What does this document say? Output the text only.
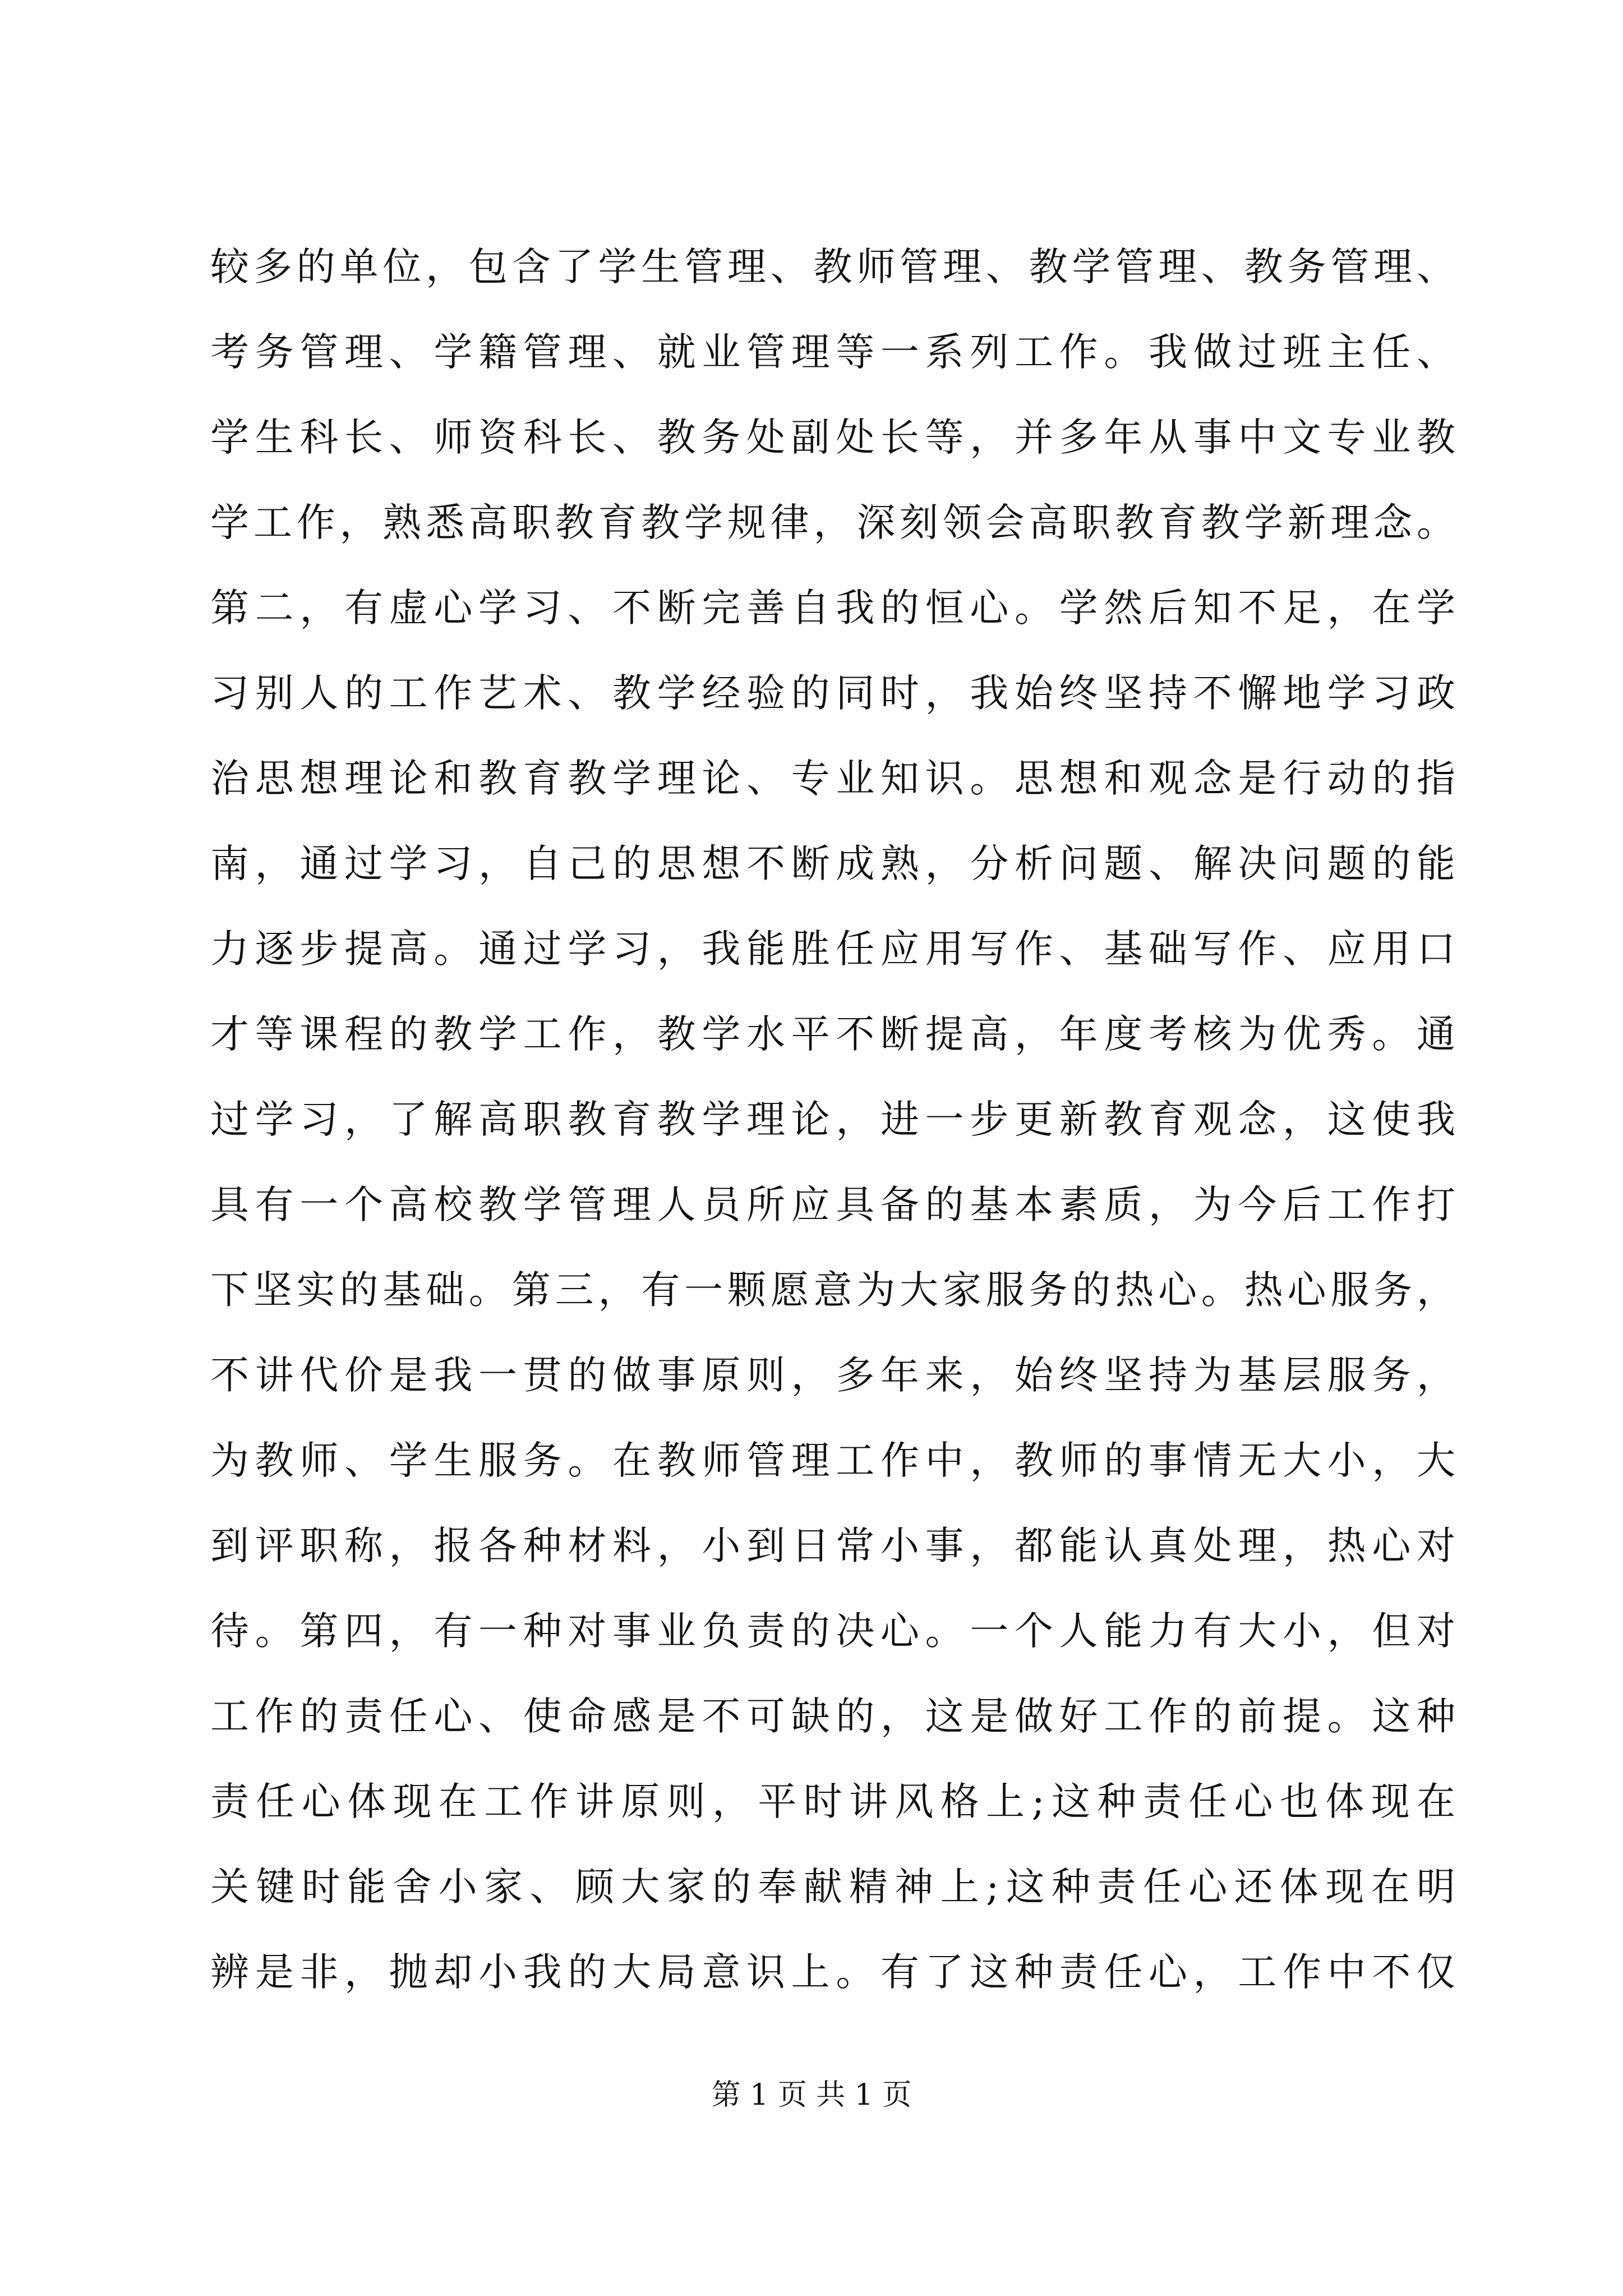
较多的单位，包含了学生管理、教师管理、教学管理、教务管理、
考务管理、学籍管理、就业管理等一系列工作。我做过班主任、
学生科长、师资科长、教务处副处长等，并多年从事中文专业教
学工作，熟悉高职教育教学规律，深刻领会高职教育教学新理念。
第二，有虚心学习、不断完善自我的恒心。学然后知不足，在学
习别人的工作艺术、教学经验的同时，我始终坚持不懈地学习政
治思想理论和教育教学理论、专业知识。思想和观念是行动的指
南，通过学习，自己的思想不断成熟，分析问题、解决问题的能
力逐步提高。通过学习，我能胜任应用写作、基础写作、应用口
才等课程的教学工作，教学水平不断提高，年度考核为优秀。通
过学习，了解高职教育教学理论，进一步更新教育观念，这使我
具有一个高校教学管理人员所应具备的基本素质，为今后工作打
下坚实的基础。第三，有一颗愿意为大家服务的热心。热心服务，
不讲代价是我一贯的做事原则，多年来，始终坚持为基层服务，
为教师、学生服务。在教师管理工作中，教师的事情无大小，大
到评职称，报各种材料，小到日常小事，都能认真处理，热心对
待。第四，有一种对事业负责的决心。一个人能力有大小，但对
工作的责任心、使命感是不可缺的，这是做好工作的前提。这种
责任心体现在工作讲原则，平时讲风格上;这种责任心也体现在
关键时能舍小家、顾大家的奉献精神上;这种责任心还体现在明
辨是非，抛却小我的大局意识上。有了这种责任心，工作中不仅
第 1 页 共 1 页
